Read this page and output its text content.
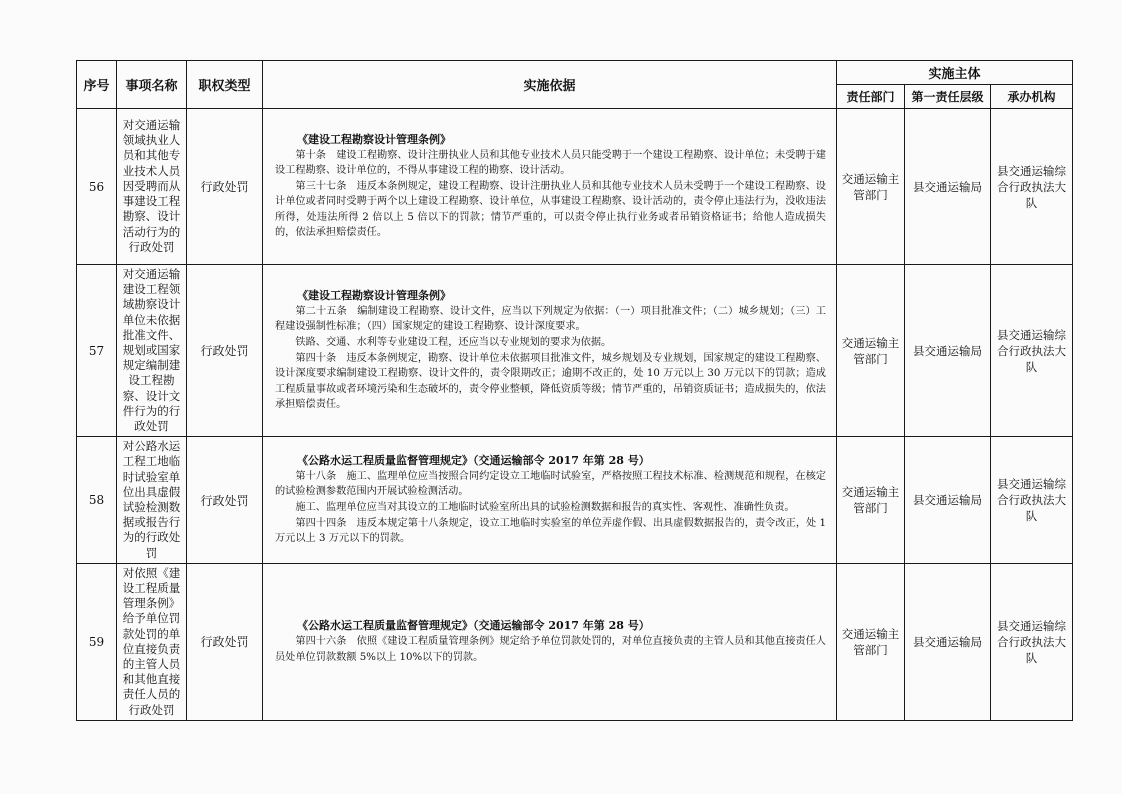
序号	事项名称	职权类型	实施依据	实施主体		
				责任部门	第一责任层级	承办机构
56	对交通运输领域执业人员和其他专业技术人员因受聘而从事建设工程勘察、设计活动行为的行政处罚	行政处罚	《建设工程勘察设计管理条例》

第十条　建设工程勘察、设计注册执业人员和其他专业技术人员只能受聘于一个建设工程勘察、设计单位；未受聘于建设工程勘察、设计单位的，不得从事建设工程的勘察、设计活动。

第三十七条　违反本条例规定，建设工程勘察、设计注册执业人员和其他专业技术人员未受聘于一个建设工程勘察、设计单位或者同时受聘于两个以上建设工程勘察、设计单位，从事建设工程勘察、设计活动的，责令停止违法行为，没收违法所得，处违法所得 2 倍以上 5 倍以下的罚款；情节严重的，可以责令停止执行业务或者吊销资格证书；给他人造成损失的，依法承担赔偿责任。	交通运输主管部门	县交通运输局	县交通运输综合行政执法大队
57	对交通运输建设工程领域勘察设计单位未依据批准文件、规划或国家规定编制建设工程勘察、设计文件行为的行政处罚	行政处罚	《建设工程勘察设计管理条例》

第二十五条　编制建设工程勘察、设计文件，应当以下列规定为依据：（一）项目批准文件；（二）城乡规划；（三）工程建设强制性标准；（四）国家规定的建设工程勘察、设计深度要求。

铁路、交通、水利等专业建设工程，还应当以专业规划的要求为依据。

第四十条　违反本条例规定，勘察、设计单位未依据项目批准文件，城乡规划及专业规划，国家规定的建设工程勘察、设计深度要求编制建设工程勘察、设计文件的，责令限期改正；逾期不改正的，处 10 万元以上 30 万元以下的罚款；造成工程质量事故或者环境污染和生态破坏的，责令停业整顿，降低资质等级；情节严重的，吊销资质证书；造成损失的，依法承担赔偿责任。	交通运输主管部门	县交通运输局	县交通运输综合行政执法大队
58	对公路水运工程工地临时试验室单位出具虚假试验检测数据或报告行为的行政处罚	行政处罚	《公路水运工程质量监督管理规定》（交通运输部令 2017 年第 28 号）

第十八条　施工、监理单位应当按照合同约定设立工地临时试验室，严格按照工程技术标准、检测规范和规程，在核定的试验检测参数范围内开展试验检测活动。

施工、监理单位应当对其设立的工地临时试验室所出具的试验检测数据和报告的真实性、客观性、准确性负责。

第四十四条　违反本规定第十八条规定，设立工地临时实验室的单位弄虚作假、出具虚假数据报告的，责令改正，处 1 万元以上 3 万元以下的罚款。	交通运输主管部门	县交通运输局	县交通运输综合行政执法大队
59	对依照《建设工程质量管理条例》给予单位罚款处罚的单位直接负责的主管人员和其他直接责任人员的行政处罚	行政处罚	《公路水运工程质量监督管理规定》（交通运输部令 2017 年第 28 号）

第四十六条　依照《建设工程质量管理条例》规定给予单位罚款处罚的，对单位直接负责的主管人员和其他直接责任人员处单位罚款数额 5%以上 10%以下的罚款。	交通运输主管部门	县交通运输局	县交通运输综合行政执法大队
